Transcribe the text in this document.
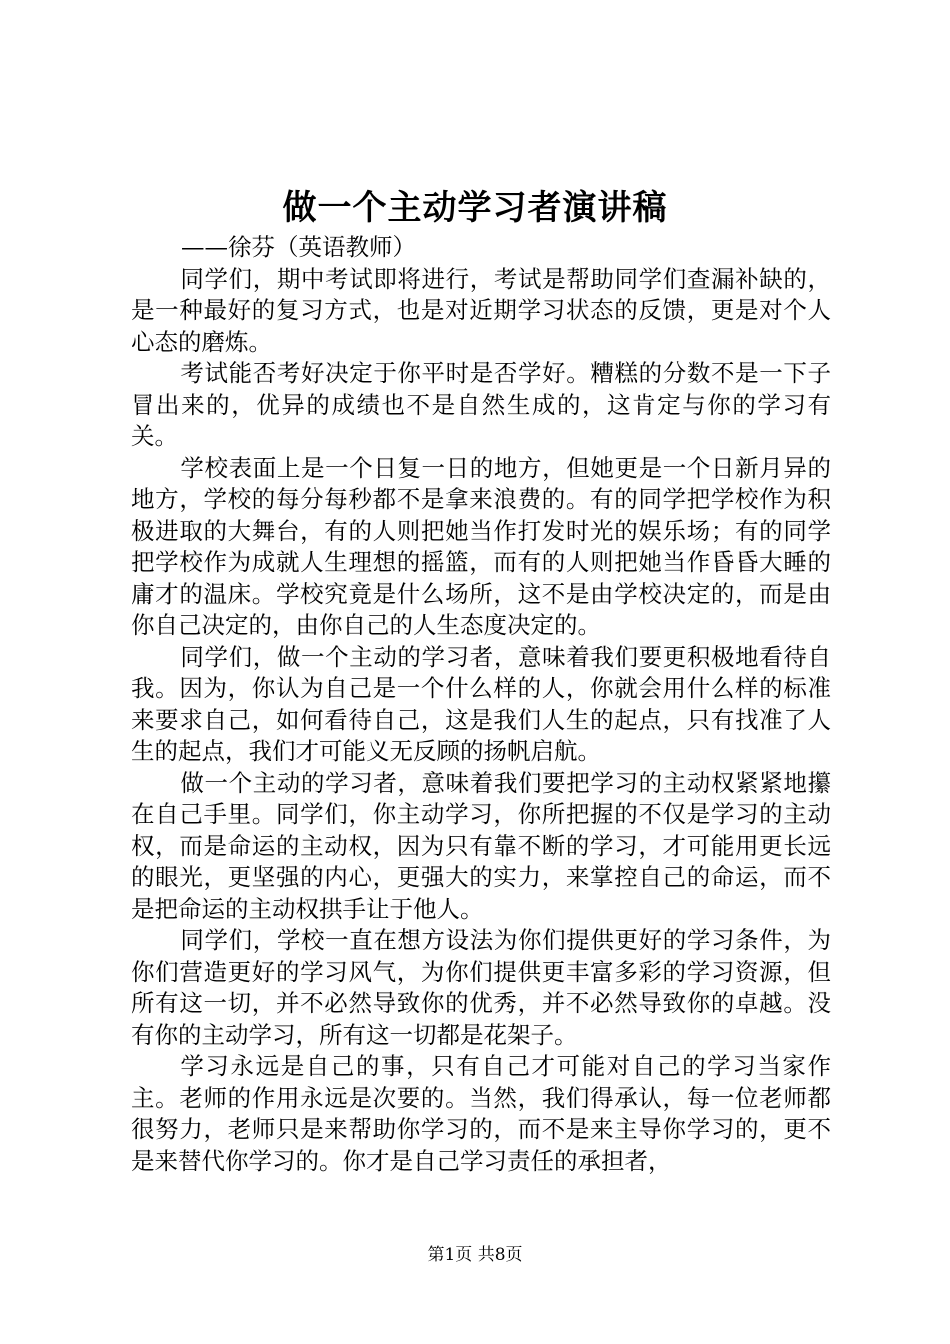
做一个主动学习者演讲稿

——徐芬（英语教师）

同学们，期中考试即将进行，考试是帮助同学们查漏补缺的，是一种最好的复习方式，也是对近期学习状态的反馈，更是对个人心态的磨炼。

考试能否考好决定于你平时是否学好。糟糕的分数不是一下子冒出来的，优异的成绩也不是自然生成的，这肯定与你的学习有关。

学校表面上是一个日复一日的地方，但她更是一个日新月异的地方，学校的每分每秒都不是拿来浪费的。有的同学把学校作为积极进取的大舞台，有的人则把她当作打发时光的娱乐场；有的同学把学校作为成就人生理想的摇篮，而有的人则把她当作昏昏大睡的庸才的温床。学校究竟是什么场所，这不是由学校决定的，而是由你自己决定的，由你自己的人生态度决定的。

同学们，做一个主动的学习者，意味着我们要更积极地看待自我。因为，你认为自己是一个什么样的人，你就会用什么样的标准来要求自己，如何看待自己，这是我们人生的起点，只有找准了人生的起点，我们才可能义无反顾的扬帆启航。

做一个主动的学习者，意味着我们要把学习的主动权紧紧地攥在自己手里。同学们，你主动学习，你所把握的不仅是学习的主动权，而是命运的主动权，因为只有靠不断的学习，才可能用更长远的眼光，更坚强的内心，更强大的实力，来掌控自己的命运，而不是把命运的主动权拱手让于他人。

同学们，学校一直在想方设法为你们提供更好的学习条件，为你们营造更好的学习风气，为你们提供更丰富多彩的学习资源，但所有这一切，并不必然导致你的优秀，并不必然导致你的卓越。没有你的主动学习，所有这一切都是花架子。

学习永远是自己的事，只有自己才可能对自己的学习当家作主。老师的作用永远是次要的。当然，我们得承认，每一位老师都很努力，老师只是来帮助你学习的，而不是来主导你学习的，更不是来替代你学习的。你才是自己学习责任的承担者，

第1页 共8页
